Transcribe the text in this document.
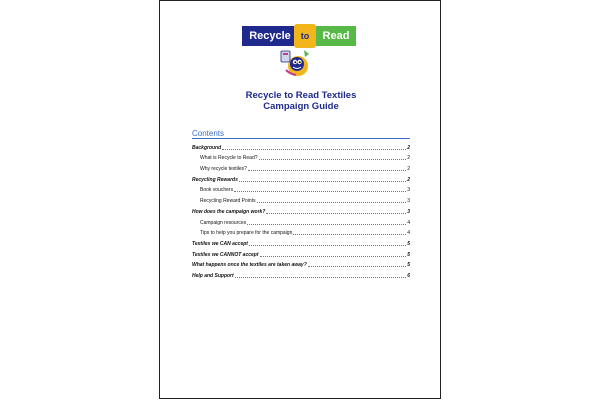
Recycle	Read
to
Recycle to Read Textiles
Campaign Guide
Contents
Background	2
What is Recycle to Read?	2
Why recycle textiles?	2
Recycling Rewards	2
Book vouchers	3
Recycling Reward Points	3
How does the campaign work?	3
Campaign resources	4
Tips to help you prepare for the campaign	4
Textiles we CAN accept	5
Textiles we CANNOT accept	5
What happens once the textiles are taken away?	5
Help and Support	6
